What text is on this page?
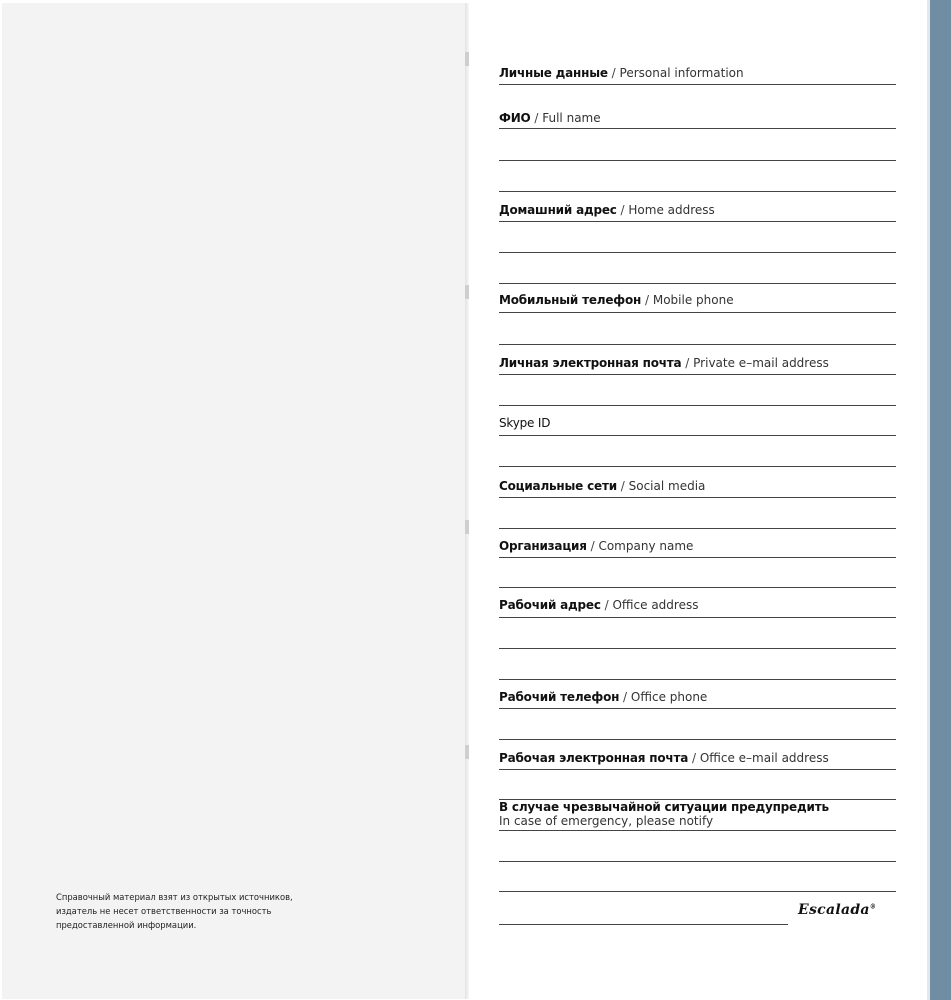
Справочный материал взят из открытых источников, издатель не несет ответственности за точность предоставленной информации.
Личные данные / Personal information
ФИО / Full name
Домашний адрес / Home address
Мобильный телефон / Mobile phone
Личная электронная почта / Private e–mail address
Skype ID
Социальные сети / Social media
Организация / Company name
Рабочий адрес / Office address
Рабочий телефон / Office phone
Рабочая электронная почта / Office e–mail address
В случае чрезвычайной ситуации предупредить
In case of emergency, please notify
Escalada®
